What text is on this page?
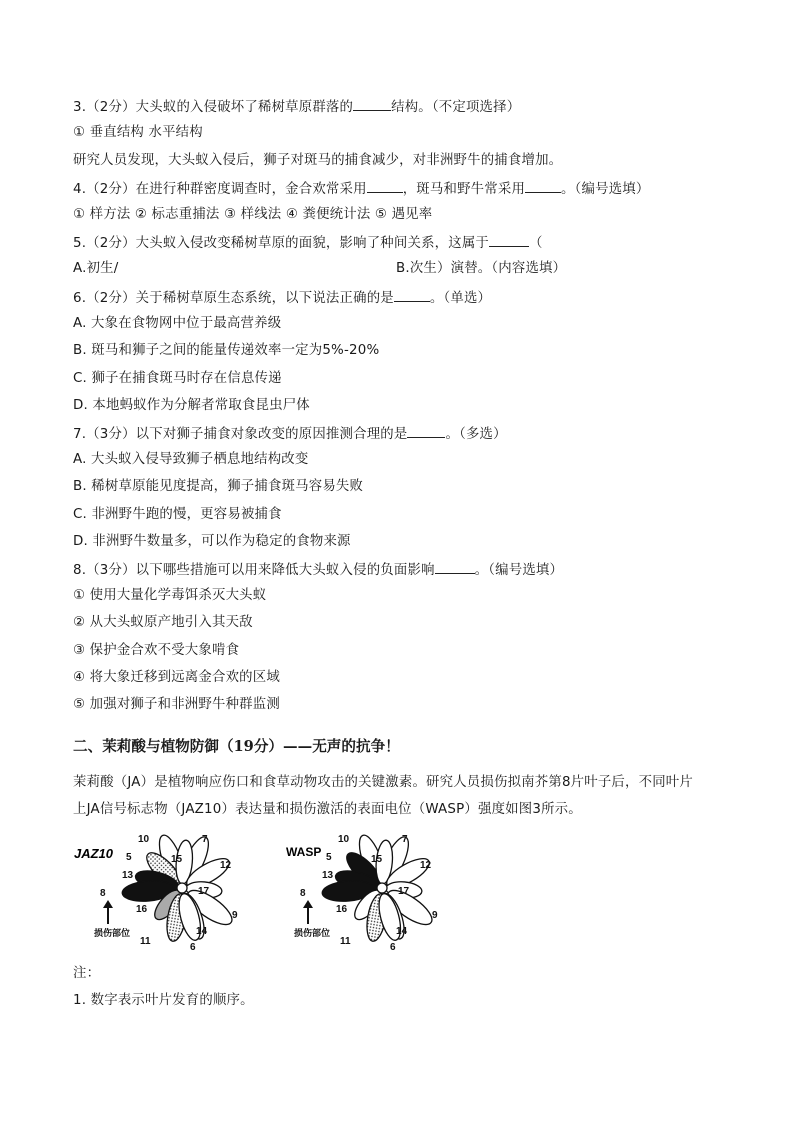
3.（2分）大头蚁的入侵破坏了稀树草原群落的	结构。（不定项选择）
① 垂直结构 水平结构
研究人员发现，大头蚁入侵后，狮子对斑马的捕食减少，对非洲野牛的捕食增加。
4.（2分）在进行种群密度调查时，金合欢常采用	，斑马和野牛常采用	。（编号选填）
① 样方法 ② 标志重捕法 ③ 样线法 ④ 粪便统计法 ⑤ 遇见率
5.（2分）大头蚁入侵改变稀树草原的面貌，影响了种间关系，这属于	（
A.初生/	B.次生）演替。（内容选填）
6.（2分）关于稀树草原生态系统，以下说法正确的是	。（单选）
A. 大象在食物网中位于最高营养级
B. 斑马和狮子之间的能量传递效率一定为5%-20%
C. 狮子在捕食斑马时存在信息传递
D. 本地蚂蚁作为分解者常取食昆虫尸体
7.（3分）以下对狮子捕食对象改变的原因推测合理的是	。（多选）
A. 大头蚁入侵导致狮子栖息地结构改变
B. 稀树草原能见度提高，狮子捕食斑马容易失败
C. 非洲野牛跑的慢，更容易被捕食
D. 非洲野牛数量多，可以作为稳定的食物来源
8.（3分）以下哪些措施可以用来降低大头蚁入侵的负面影响	。（编号选填）
① 使用大量化学毒饵杀灭大头蚁
② 从大头蚁原产地引入其天敌
③ 保护金合欢不受大象啃食
④ 将大象迁移到远离金合欢的区域
⑤ 加强对狮子和非洲野牛种群监测
二、茉莉酸与植物防御（19分）——无声的抗争！
茉莉酸（JA）是植物响应伤口和食草动物攻击的关键激素。研究人员损伤拟南芥第8片叶子后，不同叶片
上JA信号标志物（JAZ10）表达量和损伤激活的表面电位（WASP）强度如图3所示。
JAZ10
10	7
5	15
12
13
8	17
16
9
14
11
6
损伤部位
WASP
10	7
5	15
12
13
8	17
16
9
14
11
6
损伤部位
注：
1. 数字表示叶片发育的顺序。
